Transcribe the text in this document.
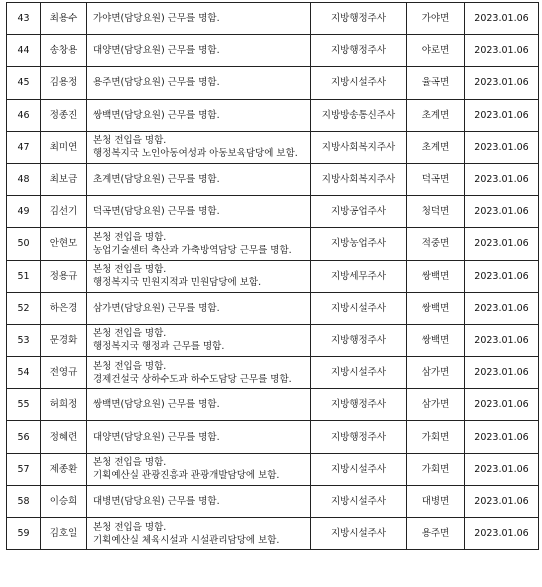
43	최용수	가야면(담당요원) 근무를 명함.	지방행정주사	가야면	2023.01.06
44	송창용	대양면(담당요원) 근무를 명함.	지방행정주사	야로면	2023.01.06
45	김용정	용주면(담당요원) 근무를 명함.	지방시설주사	율곡면	2023.01.06
46	정종진	쌍백면(담당요원) 근무를 명함.	지방방송통신주사	초계면	2023.01.06
47	최미연	본청 전입을 명함.
행정복지국 노인아동여성과 아동보육담당에 보함.	지방사회복지주사	초계면	2023.01.06
48	최보금	초계면(담당요원) 근무를 명함.	지방사회복지주사	덕곡면	2023.01.06
49	김선기	덕곡면(담당요원) 근무를 명함.	지방공업주사	청덕면	2023.01.06
50	안현모	본청 전입을 명함.
농업기술센터 축산과 가축방역담당 근무를 명함.	지방농업주사	적중면	2023.01.06
51	정용규	본청 전입을 명함.
행정복지국 민원지적과 민원담당에 보함.	지방세무주사	쌍백면	2023.01.06
52	하은경	삼가면(담당요원) 근무를 명함.	지방시설주사	쌍백면	2023.01.06
53	문경화	본청 전입을 명함.
행정복지국 행정과 근무를 명함.	지방행정주사	쌍백면	2023.01.06
54	전영규	본청 전입을 명함.
경제건설국 상하수도과 하수도담당 근무를 명함.	지방시설주사	삼가면	2023.01.06
55	허희정	쌍백면(담당요원) 근무를 명함.	지방행정주사	삼가면	2023.01.06
56	정혜련	대양면(담당요원) 근무를 명함.	지방행정주사	가회면	2023.01.06
57	제종환	본청 전입을 명함.
기획예산실 관광진흥과 관광개발담당에 보함.	지방시설주사	가회면	2023.01.06
58	이승희	대병면(담당요원) 근무를 명함.	지방시설주사	대병면	2023.01.06
59	김호일	본청 전입을 명함.
기획예산실 체육시설과 시설관리담당에 보함.	지방시설주사	용주면	2023.01.06
